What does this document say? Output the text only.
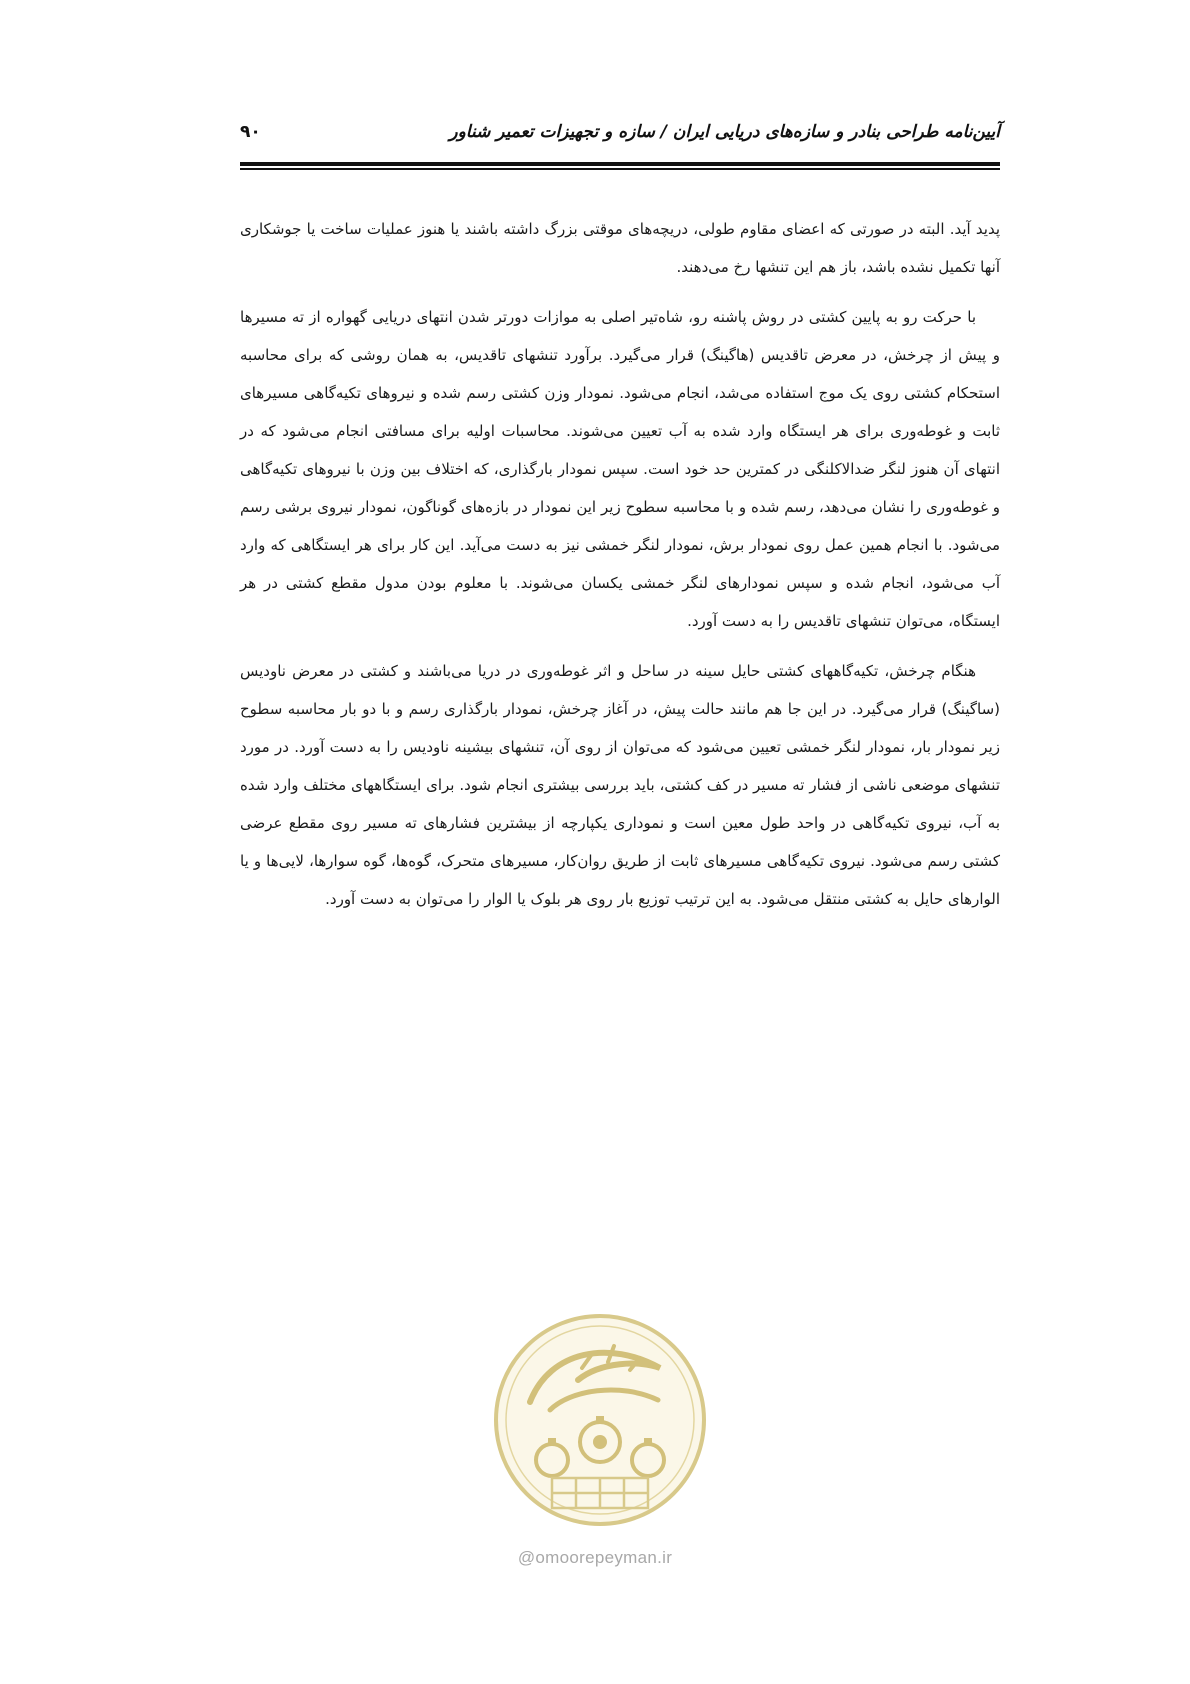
آیین‌نامه طراحی بنادر و سازه‌های دریایی ایران / سازه و تجهیزات تعمیر شناور
۹۰

پدید آید. البته در صورتی که اعضای مقاوم طولی، دریچه‌های موقتی بزرگ داشته باشند یا هنوز عملیات ساخت یا جوشکاری آنها تکمیل نشده باشد، باز هم این تنشها رخ می‌دهند.

با حرکت رو به پایین کشتی در روش پاشنه رو، شاه‌تیر اصلی به موازات دورتر شدن انتهای دریایی گهواره از ته مسیرها و پیش از چرخش، در معرض تاقدیس (هاگینگ) قرار می‌گیرد. برآورد تنشهای تاقدیس، به همان روشی که برای محاسبه استحکام کشتی روی یک موج استفاده می‌شد، انجام می‌شود. نمودار وزن کشتی رسم شده و نیروهای تکیه‌گاهی مسیرهای ثابت و غوطه‌وری برای هر ایستگاه وارد شده به آب تعیین می‌شوند. محاسبات اولیه برای مسافتی انجام می‌شود که در انتهای آن هنوز لنگر ضدالاکلنگی در کمترین حد خود است. سپس نمودار بارگذاری، که اختلاف بین وزن با نیروهای تکیه‌گاهی و غوطه‌وری را نشان می‌دهد، رسم شده و با محاسبه سطوح زیر این نمودار در بازه‌های گوناگون، نمودار نیروی برشی رسم می‌شود. با انجام همین عمل روی نمودار برش، نمودار لنگر خمشی نیز به دست می‌آید. این کار برای هر ایستگاهی که وارد آب می‌شود، انجام شده و سپس نمودارهای لنگر خمشی یکسان می‌شوند. با معلوم بودن مدول مقطع کشتی در هر ایستگاه، می‌توان تنشهای تاقدیس را به دست آورد.

هنگام چرخش، تکیه‌گاههای کشتی حایل سینه در ساحل و اثر غوطه‌وری در دریا می‌باشند و کشتی در معرض ناودیس (ساگینگ) قرار می‌گیرد. در این جا هم مانند حالت پیش، در آغاز چرخش، نمودار بارگذاری رسم و با دو بار محاسبه سطوح زیر نمودار بار، نمودار لنگر خمشی تعیین می‌شود که می‌توان از روی آن، تنشهای بیشینه ناودیس را به دست آورد. در مورد تنشهای موضعی ناشی از فشار ته مسیر در کف کشتی، باید بررسی بیشتری انجام شود. برای ایستگاههای مختلف وارد شده به آب، نیروی تکیه‌گاهی در واحد طول معین است و نموداری یکپارچه از بیشترین فشارهای ته مسیر روی مقطع عرضی کشتی رسم می‌شود. نیروی تکیه‌گاهی مسیرهای ثابت از طریق روان‌کار، مسیرهای متحرک، گوه‌ها، گوه سوارها، لایی‌ها و یا الوارهای حایل به کشتی منتقل می‌شود. به این ترتیب توزیع بار روی هر بلوک یا الوار را می‌توان به دست آورد.

@omoorepeyman.ir
